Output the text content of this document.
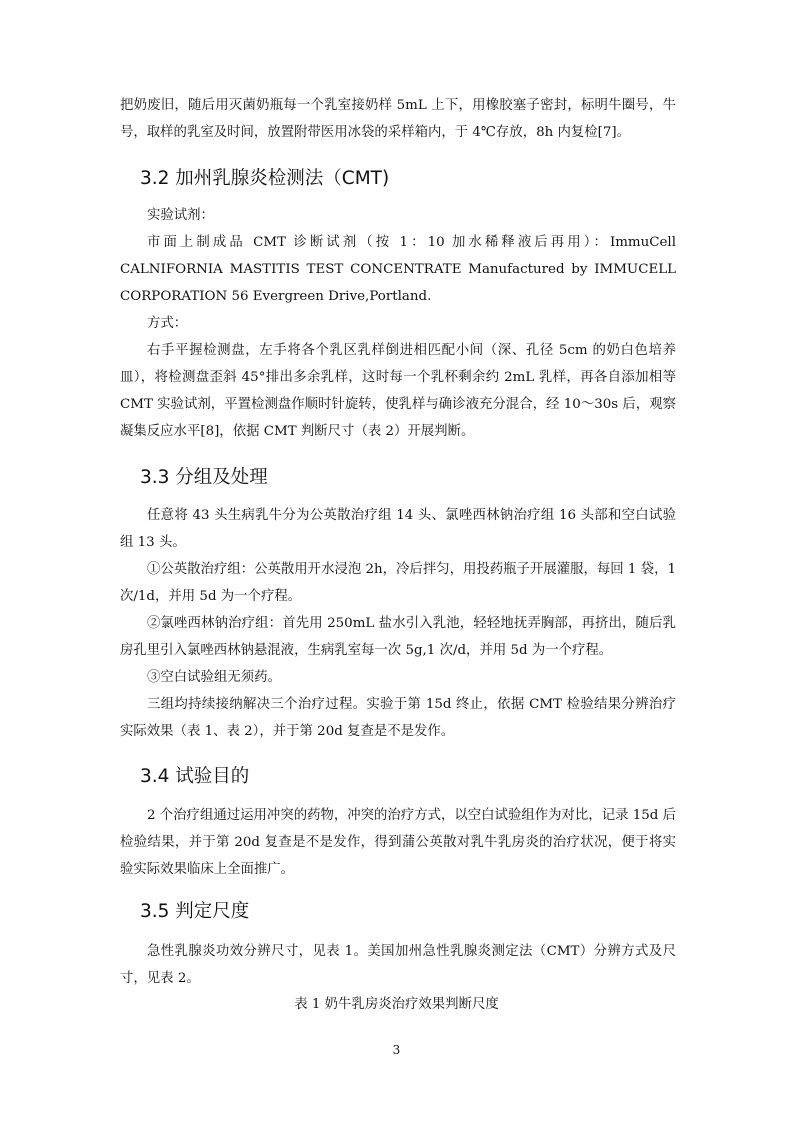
把奶废旧，随后用灭菌奶瓶每一个乳室接奶样 5mL 上下，用橡胶塞子密封，标明牛圈号，牛号，取样的乳室及时间，放置附带医用冰袋的采样箱内，于 4℃存放，8h 内复检[7]。

3.2 加州乳腺炎检测法（CMT)

实验试剂：

市面上制成品 CMT 诊断试剂（按 1：10 加水稀释液后再用）：ImmuCell CALNIFORNIA MASTITIS TEST CONCENTRATE Manufactured by IMMUCELL CORPORATION 56 Evergreen Drive,Portland.

方式：

右手平握检测盘，左手将各个乳区乳样倒进相匹配小间（深、孔径 5cm 的奶白色培养皿），将检测盘歪斜 45°排出多余乳样，这时每一个乳杯剩余约 2mL 乳样，再各自添加相等 CMT 实验试剂，平置检测盘作顺时针旋转，使乳样与确诊液充分混合，经 10～30s 后，观察凝集反应水平[8]，依据 CMT 判断尺寸（表 2）开展判断。

3.3 分组及处理

任意将 43 头生病乳牛分为公英散治疗组 14 头、氯唑西林钠治疗组 16 头部和空白试验组 13 头。

①公英散治疗组：公英散用开水浸泡 2h，冷后拌匀，用投药瓶子开展灌服，每回 1 袋，1 次/1d，并用 5d 为一个疗程。

②氯唑西林钠治疗组：首先用 250mL 盐水引入乳池，轻轻地抚弄胸部，再挤出，随后乳房孔里引入氯唑西林钠悬混液，生病乳室每一次 5g,1 次/d，并用 5d 为一个疗程。

③空白试验组无须药。

三组均持续接纳解决三个治疗过程。实验于第 15d 终止，依据 CMT 检验结果分辨治疗实际效果（表 1、表 2），并于第 20d 复查是不是发作。

3.4 试验目的

2 个治疗组通过运用冲突的药物，冲突的治疗方式，以空白试验组作为对比，记录 15d 后检验结果，并于第 20d 复查是不是发作，得到蒲公英散对乳牛乳房炎的治疗状况，便于将实验实际效果临床上全面推广。

3.5 判定尺度

急性乳腺炎功效分辨尺寸，见表 1。美国加州急性乳腺炎测定法（CMT）分辨方式及尺寸，见表 2。

表 1 奶牛乳房炎治疗效果判断尺度
3
